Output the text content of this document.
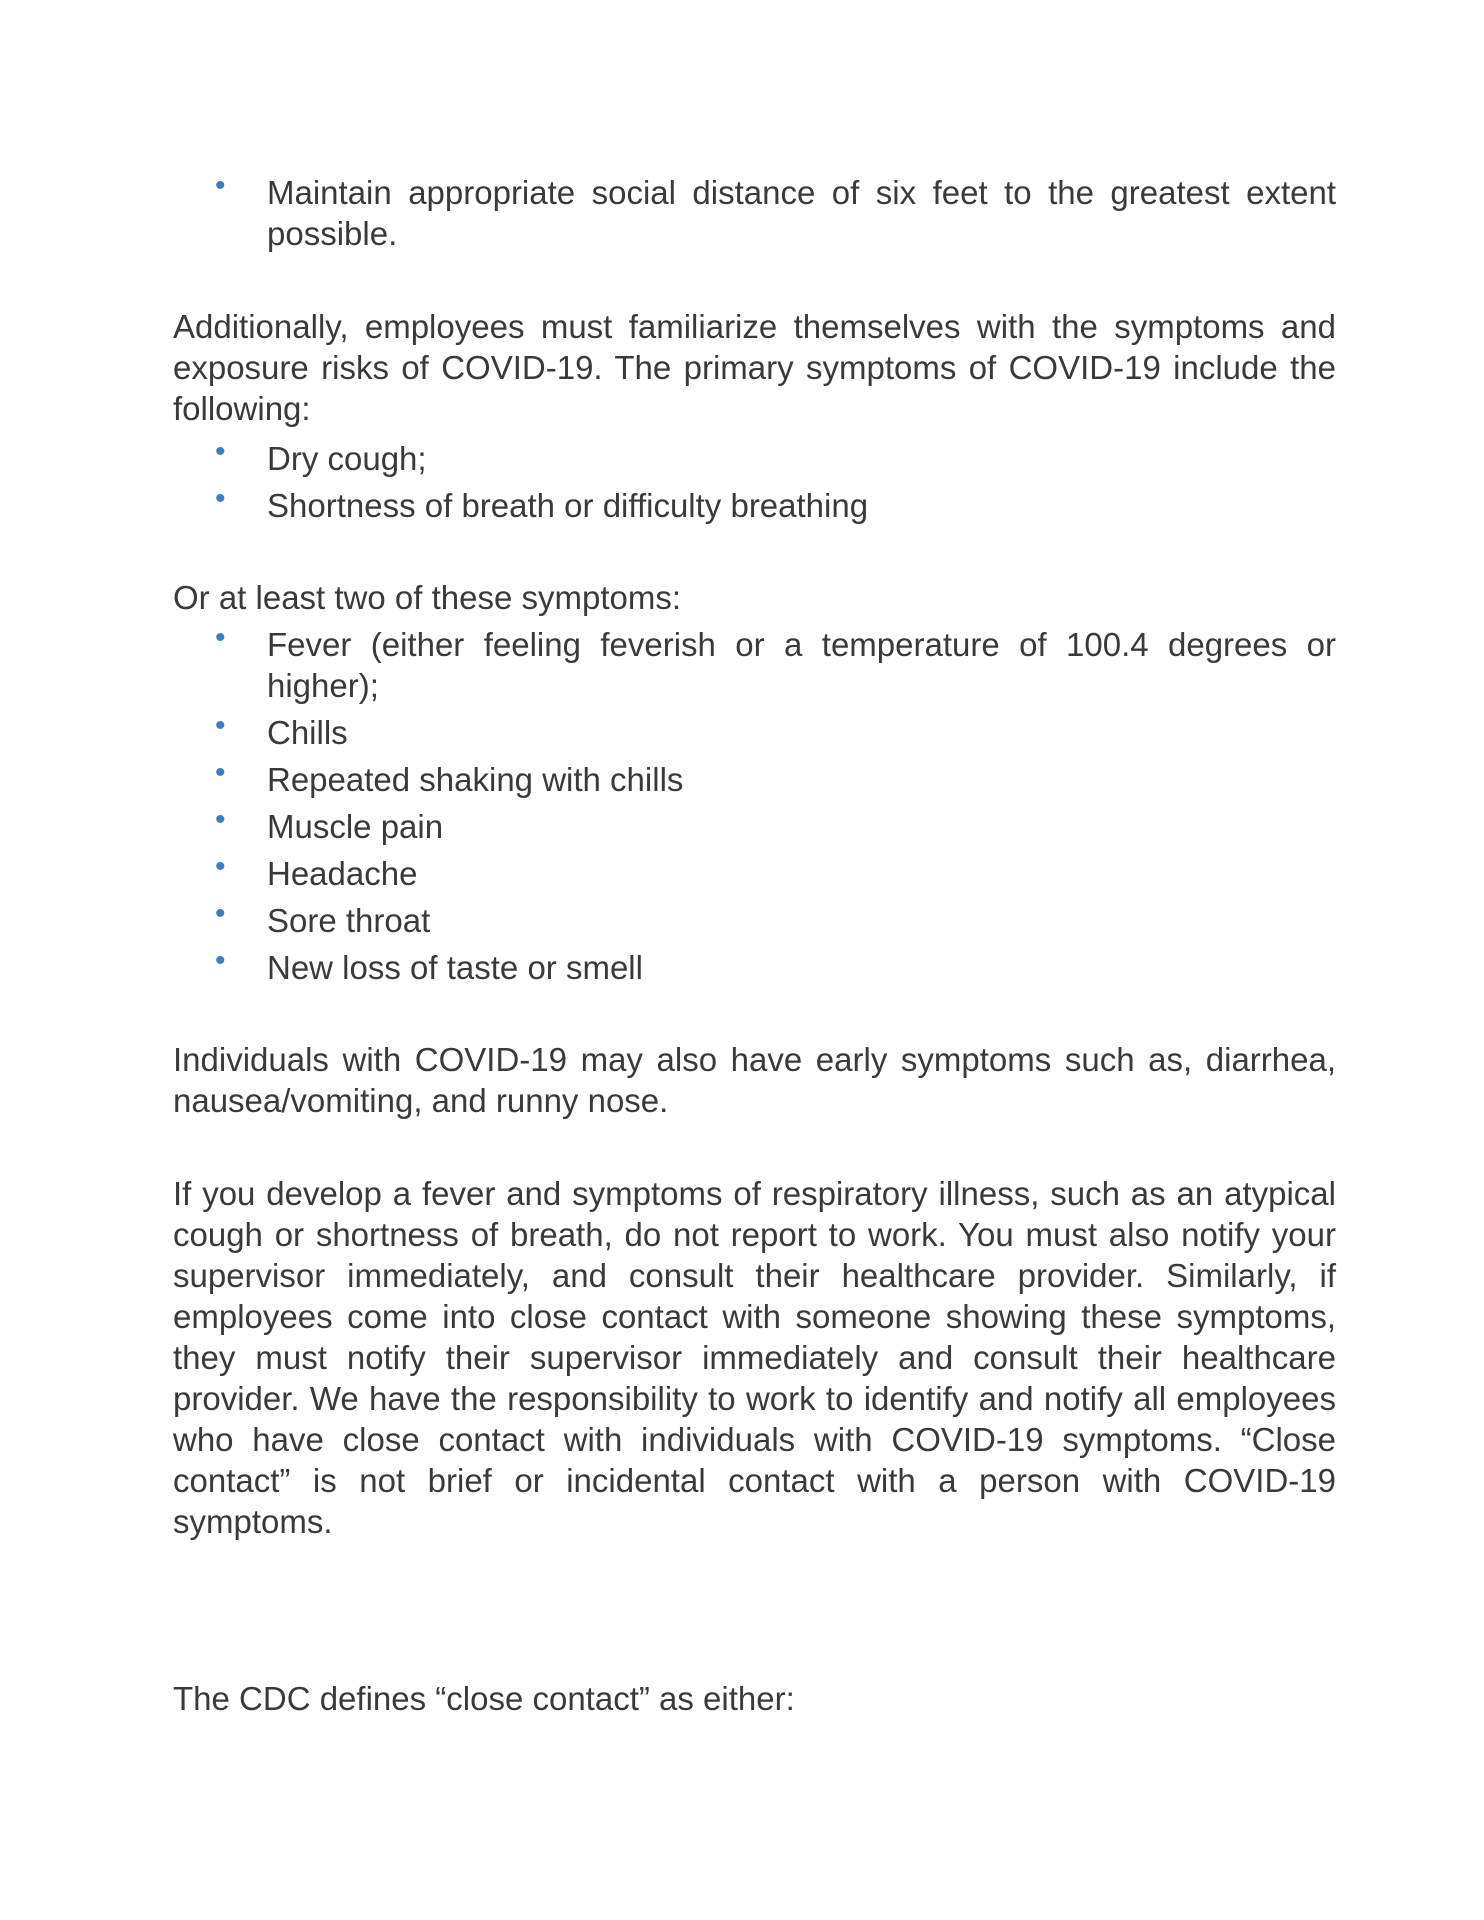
• Maintain appropriate social distance of six feet to the greatest extent possible.
Additionally, employees must familiarize themselves with the symptoms and exposure risks of COVID-19. The primary symptoms of COVID-19 include the following:
• Dry cough;
• Shortness of breath or difficulty breathing
Or at least two of these symptoms:
• Fever (either feeling feverish or a temperature of 100.4 degrees or higher);
• Chills
• Repeated shaking with chills
• Muscle pain
• Headache
• Sore throat
• New loss of taste or smell
Individuals with COVID-19 may also have early symptoms such as, diarrhea, nausea/vomiting, and runny nose.
If you develop a fever and symptoms of respiratory illness, such as an atypical cough or shortness of breath, do not report to work. You must also notify your supervisor immediately, and consult their healthcare provider. Similarly, if employees come into close contact with someone showing these symptoms, they must notify their supervisor immediately and consult their healthcare provider. We have the responsibility to work to identify and notify all employees who have close contact with individuals with COVID-19 symptoms. “Close contact” is not brief or incidental contact with a person with COVID-19 symptoms.
The CDC defines “close contact” as either:
